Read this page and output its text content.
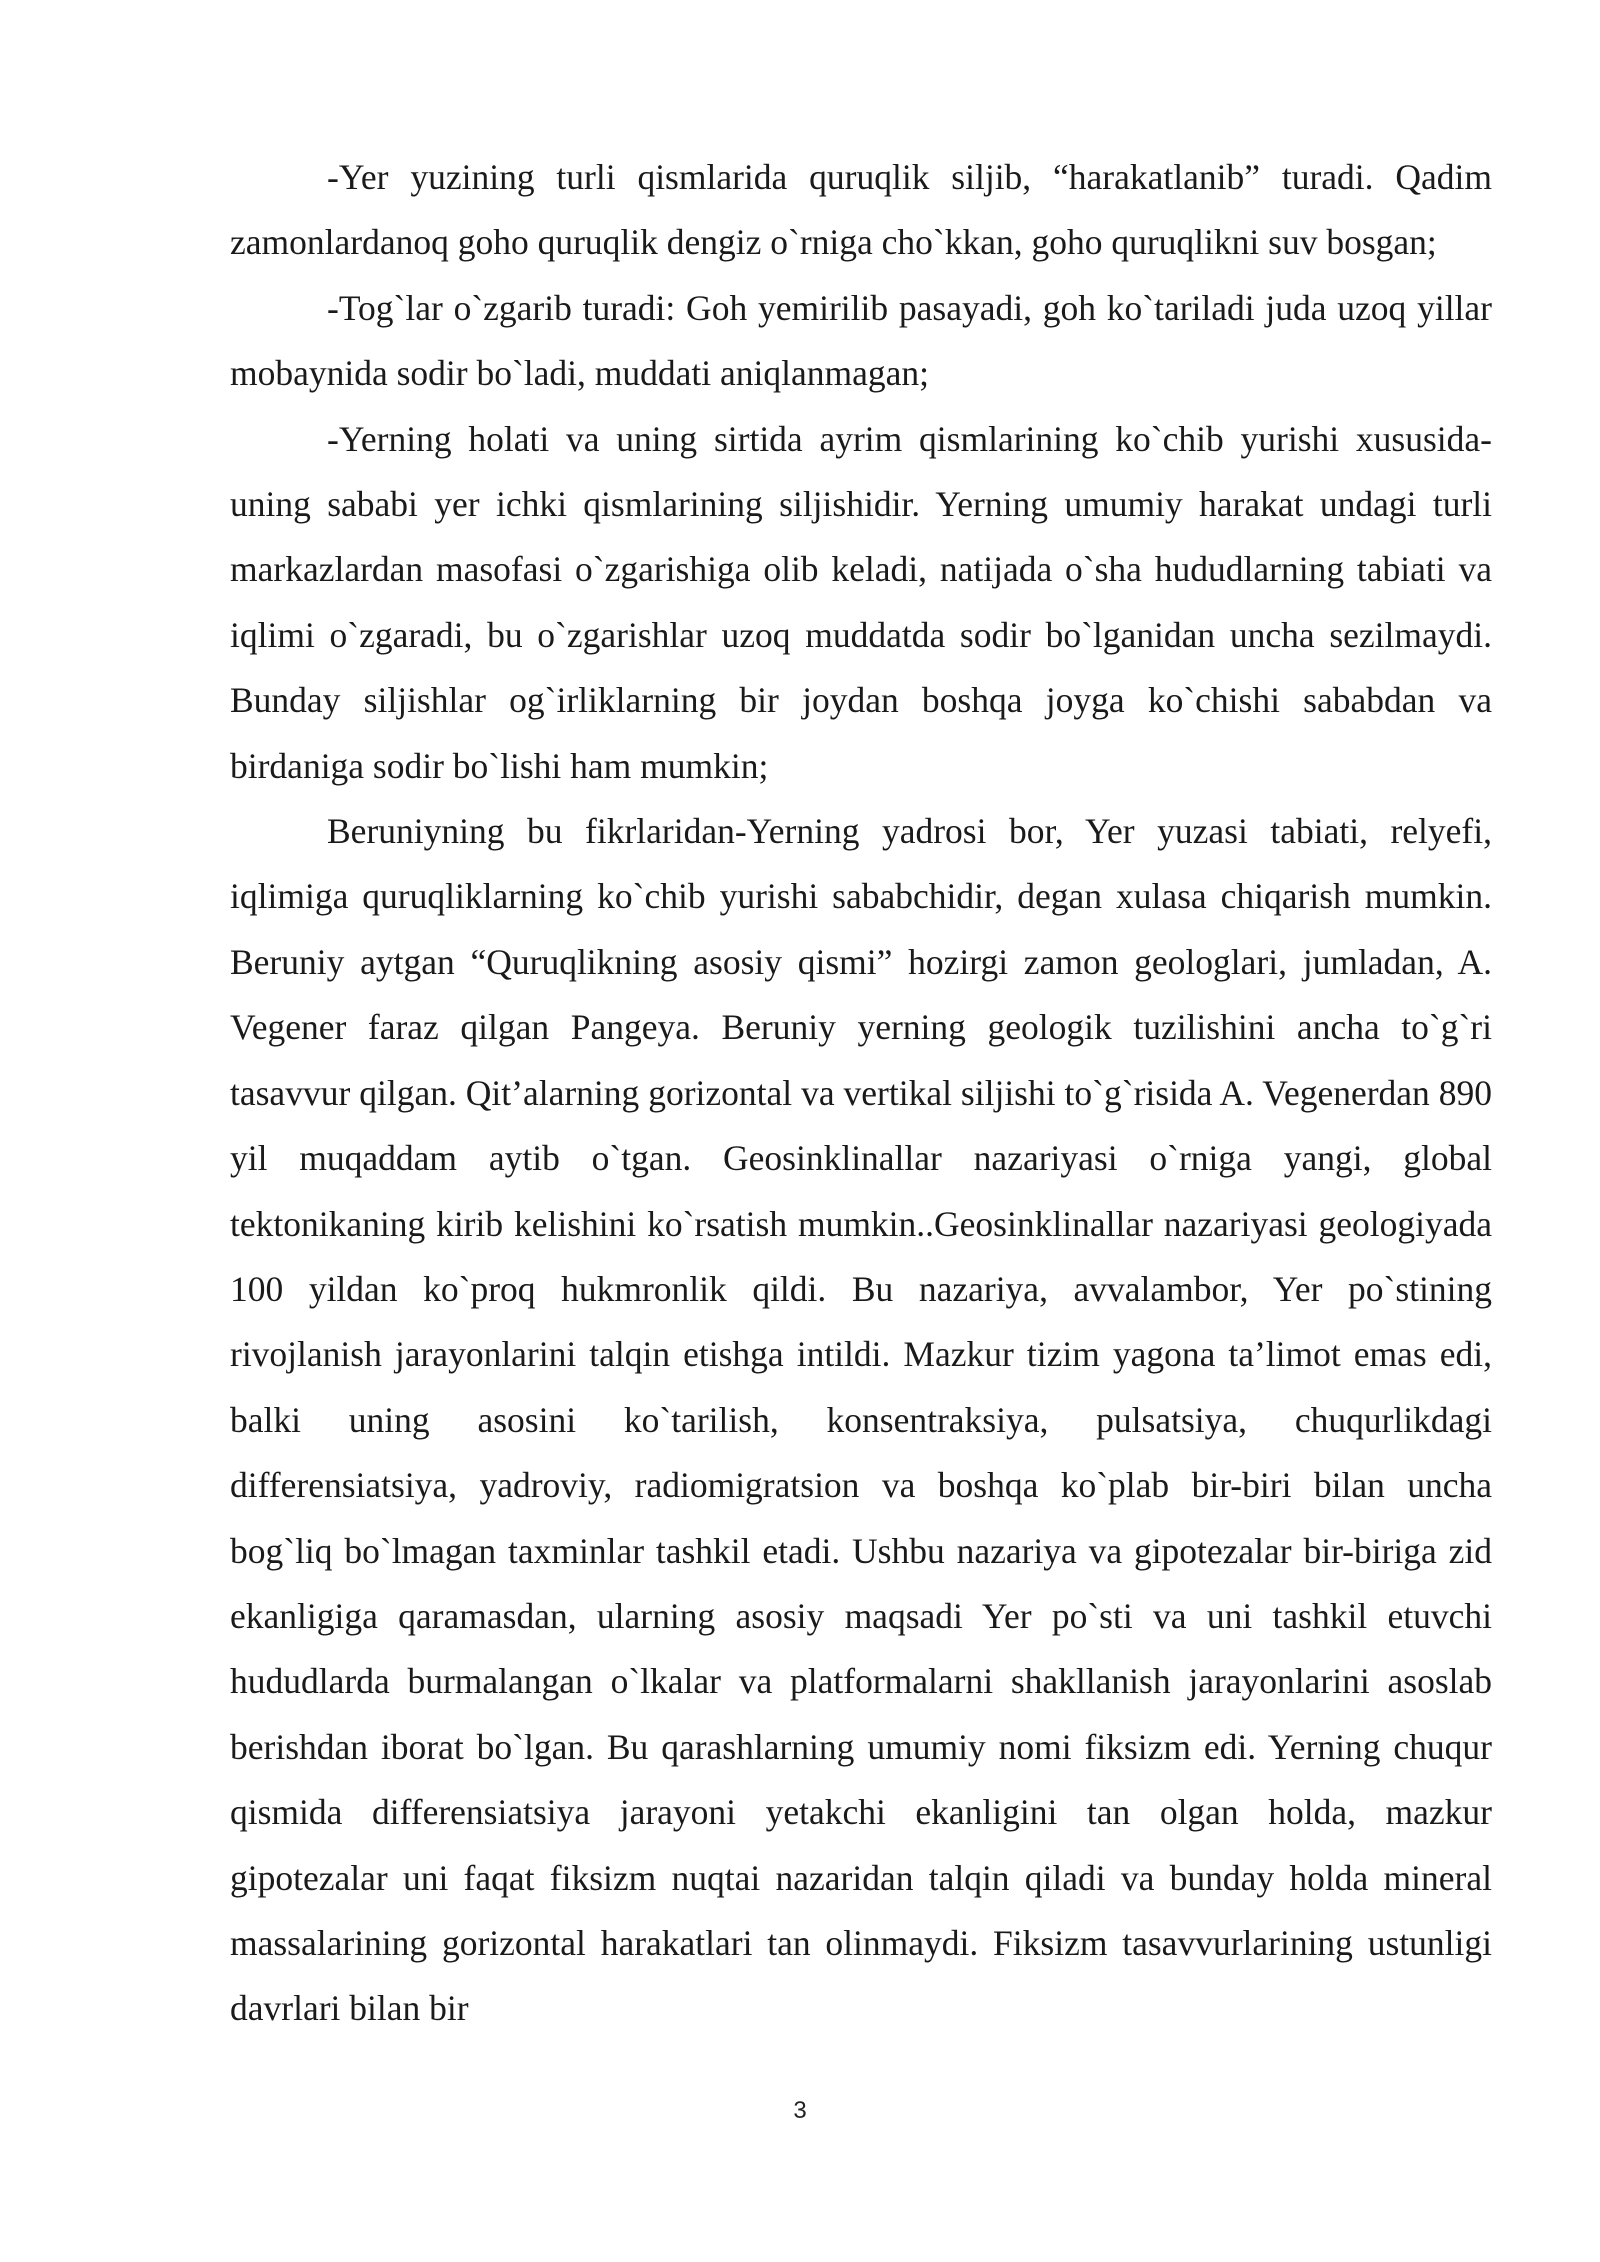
-Yer yuzining turli qismlarida quruqlik siljib, “harakatlanib” turadi. Qadim zamonlardanoq goho quruqlik dengiz o`rniga cho`kkan, goho quruqlikni suv bosgan;

-Tog`lar o`zgarib turadi: Goh yemirilib pasayadi, goh ko`tariladi juda uzoq yillar mobaynida sodir bo`ladi, muddati aniqlanmagan;

-Yerning holati va uning sirtida ayrim qismlarining ko`chib yurishi xususida-uning sababi yer ichki qismlarining siljishidir. Yerning umumiy harakat undagi turli markazlardan masofasi o`zgarishiga olib keladi, natijada o`sha hududlarning tabiati va iqlimi o`zgaradi, bu o`zgarishlar uzoq muddatda sodir bo`lganidan uncha sezilmaydi. Bunday siljishlar og`irliklarning bir joydan boshqa joyga ko`chishi sababdan va birdaniga sodir bo`lishi ham mumkin;

Beruniyning bu fikrlaridan-Yerning yadrosi bor, Yer yuzasi tabiati, relyefi, iqlimiga quruqliklarning ko`chib yurishi sababchidir, degan xulasa chiqarish mumkin. Beruniy aytgan “Quruqlikning asosiy qismi” hozirgi zamon geologlari, jumladan, A. Vegener faraz qilgan Pangeya. Beruniy yerning geologik tuzilishini ancha to`g`ri tasavvur qilgan. Qit’alarning gorizontal va vertikal siljishi to`g`risida A. Vegenerdan 890 yil muqaddam aytib o`tgan. Geosinklinallar nazariyasi o`rniga yangi, global tektonikaning kirib kelishini ko`rsatish mumkin..Geosinklinallar nazariyasi geologiyada 100 yildan ko`proq hukmronlik qildi. Bu nazariya, avvalambor, Yer po`stining rivojlanish jarayonlarini talqin etishga intildi. Mazkur tizim yagona ta’limot emas edi, balki uning asosini ko`tarilish, konsentraksiya, pulsatsiya, chuqurlikdagi differensiatsiya, yadroviy, radiomigratsion va boshqa ko`plab bir-biri bilan uncha bog`liq bo`lmagan taxminlar tashkil etadi. Ushbu nazariya va gipotezalar bir-biriga zid ekanligiga qaramasdan, ularning asosiy maqsadi Yer po`sti va uni tashkil etuvchi hududlarda burmalangan o`lkalar va platformalarni shakllanish jarayonlarini asoslab berishdan iborat bo`lgan. Bu qarashlarning umumiy nomi fiksizm edi. Yerning chuqur qismida differensiatsiya jarayoni yetakchi ekanligini tan olgan holda, mazkur gipotezalar uni faqat fiksizm nuqtai nazaridan talqin qiladi va bunday holda mineral massalarining gorizontal harakatlari tan olinmaydi. Fiksizm tasavvurlarining ustunligi davrlari bilan bir

3
